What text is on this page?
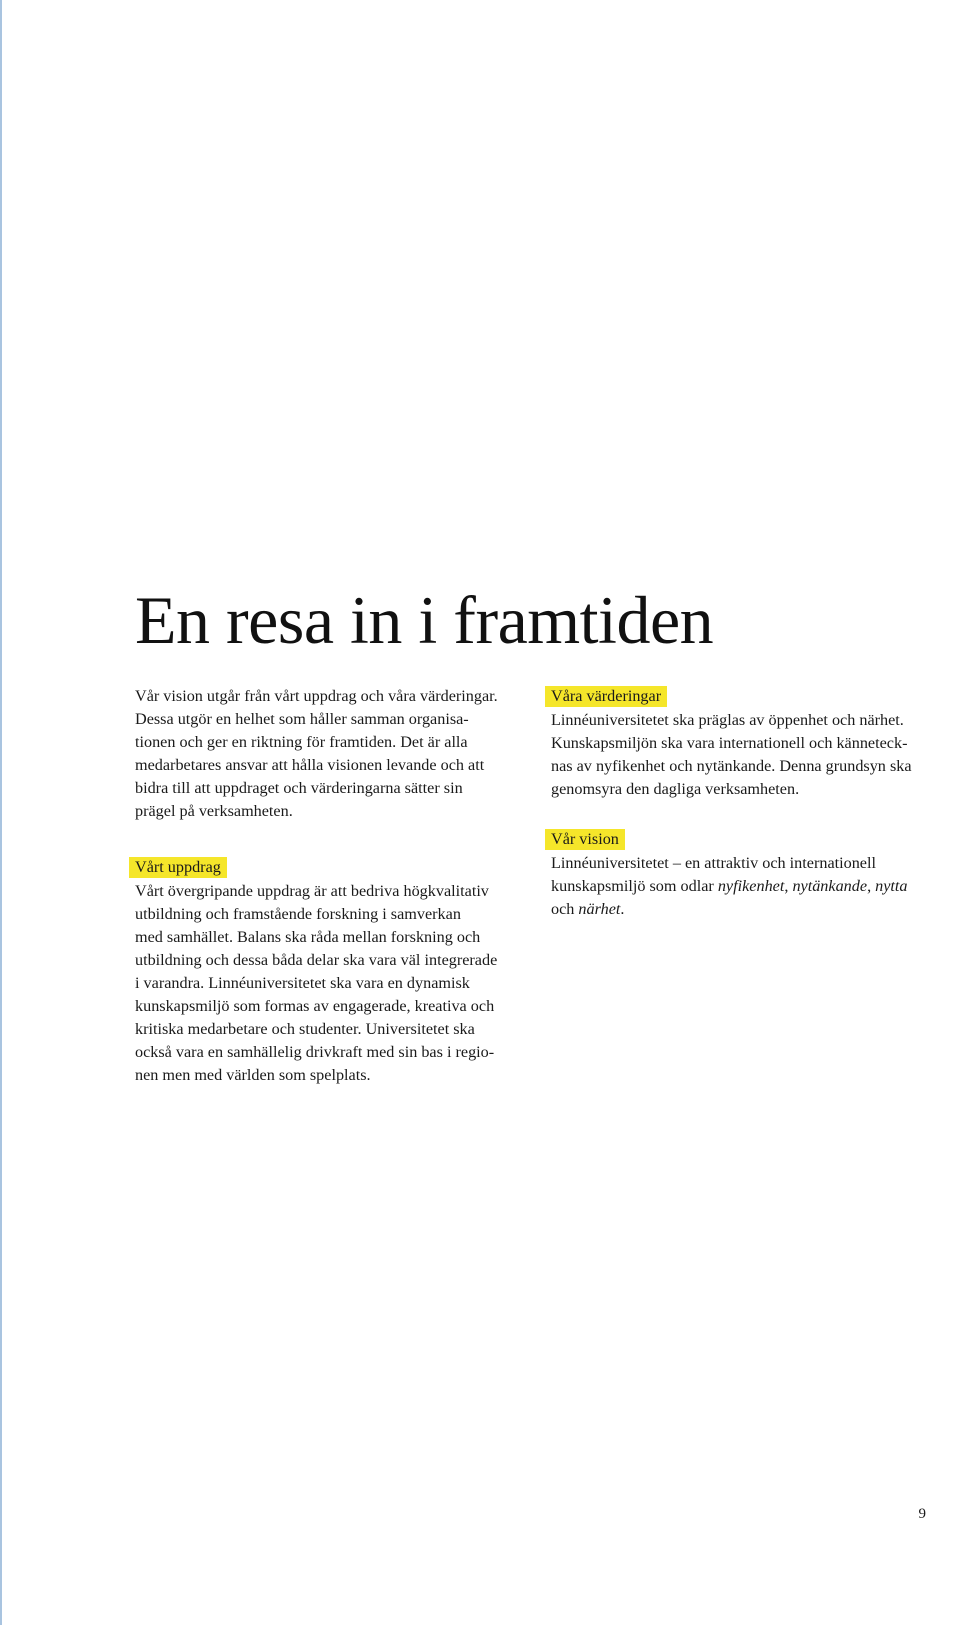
En resa in i framtiden
Vår vision utgår från vårt uppdrag och våra värderingar.
Dessa utgör en helhet som håller samman organisa-
tionen och ger en riktning för framtiden. Det är alla
medarbetares ansvar att hålla visionen levande och att
bidra till att uppdraget och värderingarna sätter sin
prägel på verksamheten.
Vårt uppdrag
Vårt övergripande uppdrag är att bedriva högkvalitativ
utbildning och framstående forskning i samverkan
med samhället. Balans ska råda mellan forskning och
utbildning och dessa båda delar ska vara väl integrerade
i varandra. Linnéuniversitetet ska vara en dynamisk
kunskapsmiljö som formas av engagerade, kreativa och
kritiska medarbetare och studenter. Universitetet ska
också vara en samhällelig drivkraft med sin bas i regio-
nen men med världen som spelplats.
Våra värderingar
Linnéuniversitetet ska präglas av öppenhet och närhet.
Kunskapsmiljön ska vara internationell och känneteck-
nas av nyfikenhet och nytänkande. Denna grundsyn ska
genomsyra den dagliga verksamheten.
Vår vision
Linnéuniversitetet – en attraktiv och internationell
kunskapsmiljö som odlar nyfikenhet, nytänkande, nytta
och närhet.
9
